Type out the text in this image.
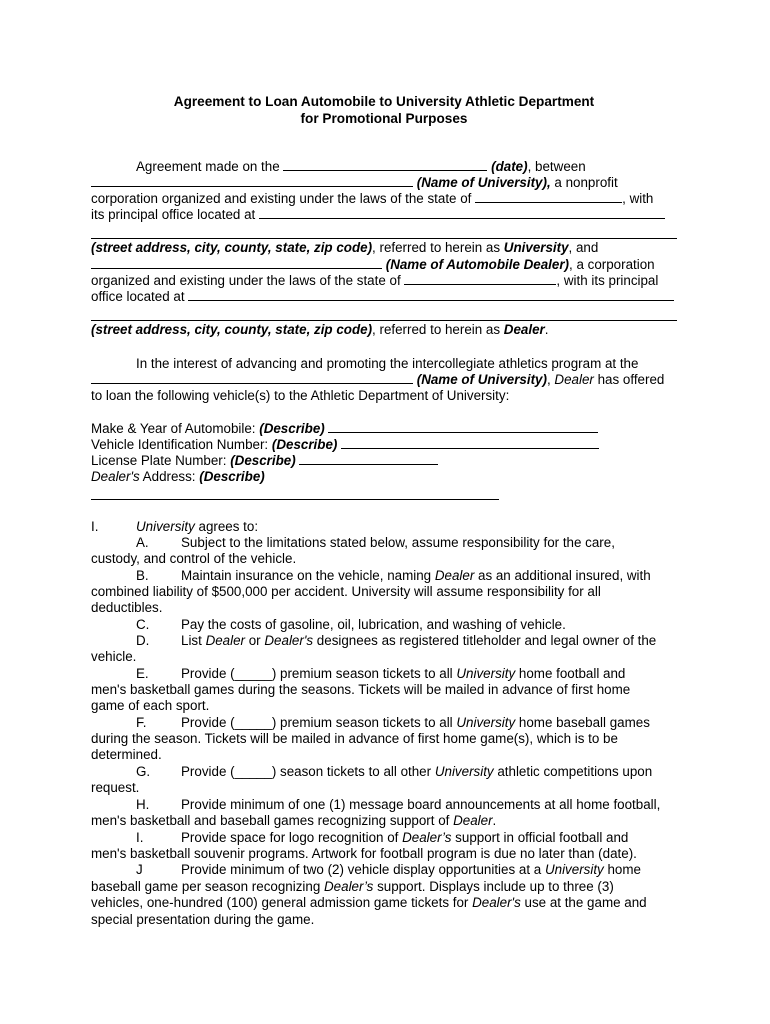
Agreement to Loan Automobile to University Athletic Department
for Promotional Purposes
Agreement made on the	(date), between
(Name of University), a nonprofit
corporation organized and existing under the laws of the state of	, with
its principal office located at
(street address, city, county, state, zip code), referred to herein as University, and
(Name of Automobile Dealer), a corporation
organized and existing under the laws of the state of	, with its principal
office located at
(street address, city, county, state, zip code), referred to herein as Dealer.
In the interest of advancing and promoting the intercollegiate athletics program at the
(Name of University), Dealer has offered
to loan the following vehicle(s) to the Athletic Department of University:
Make & Year of Automobile: (Describe)
Vehicle Identification Number: (Describe)
License Plate Number: (Describe)
Dealer's Address: (Describe)
I.	University agrees to:
A. Subject to the limitations stated below, assume responsibility for the care,
custody, and control of the vehicle.
B. Maintain insurance on the vehicle, naming Dealer as an additional insured, with
combined liability of $500,000 per accident. University will assume responsibility for all
deductibles.
C. Pay the costs of gasoline, oil, lubrication, and washing of vehicle.
D. List Dealer or Dealer's designees as registered titleholder and legal owner of the
vehicle.
E. Provide (_____) premium season tickets to all University home football and
men's basketball games during the seasons. Tickets will be mailed in advance of first home
game of each sport.
F.	Provide (_____) premium season tickets to all University home baseball games
during the season. Tickets will be mailed in advance of first home game(s), which is to be
determined.
G. Provide (_____) season tickets to all other University athletic competitions upon
request.
H. Provide minimum of one (1) message board announcements at all home football,
men's basketball and baseball games recognizing support of Dealer.
I.	Provide space for logo recognition of Dealer’s support in official football and
men's basketball souvenir programs. Artwork for football program is due no later than (date).
J	Provide minimum of two (2) vehicle display opportunities at a University home
baseball game per season recognizing Dealer’s support. Displays include up to three (3)
vehicles, one-hundred (100) general admission game tickets for Dealer's use at the game and
special presentation during the game.
